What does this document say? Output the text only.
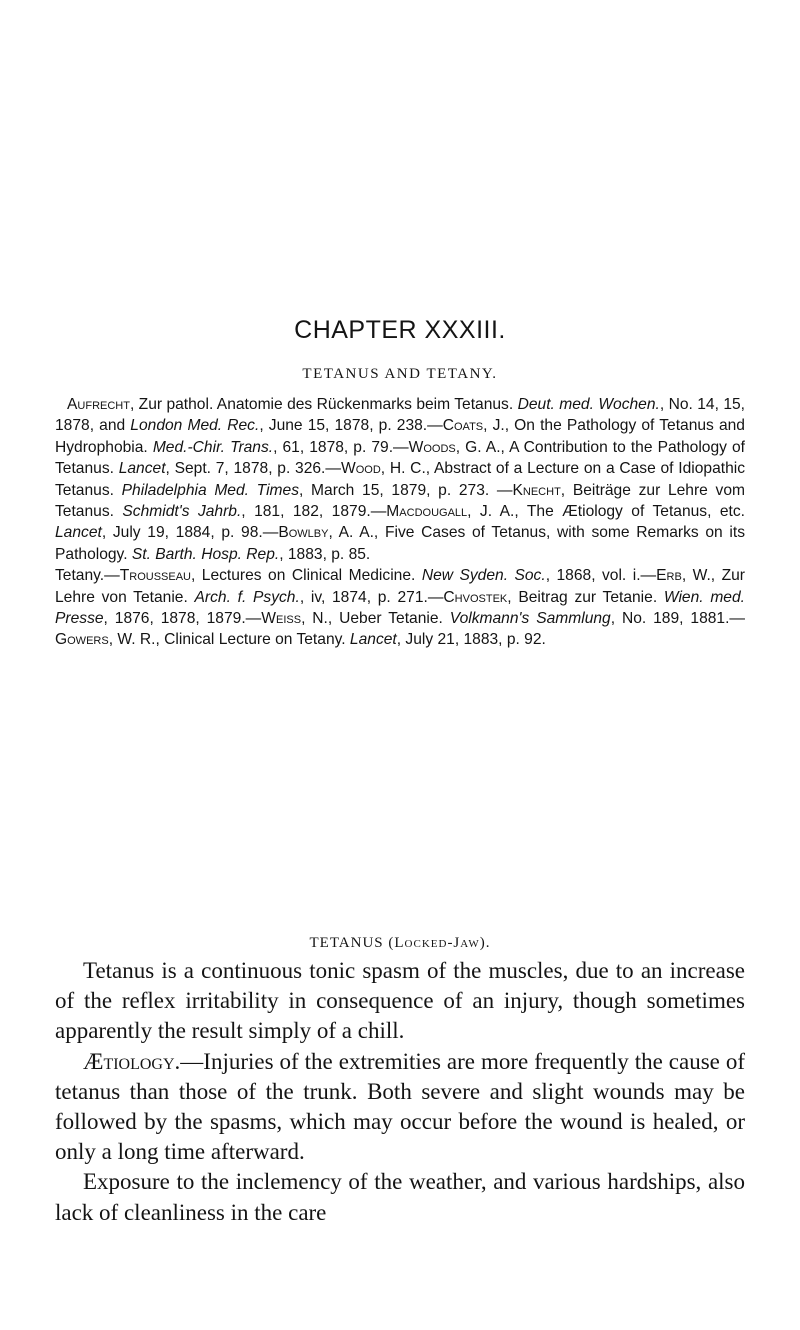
CHAPTER XXXIII.
TETANUS AND TETANY.

Aufrecht, Zur pathol. Anatomie des Rückenmarks beim Tetanus. Deut. med. Wochen., No. 14, 15, 1878, and London Med. Rec., June 15, 1878, p. 238.—Coats, J., On the Pathology of Tetanus and Hydrophobia. Med.-Chir. Trans., 61, 1878, p. 79.—Woods, G. A., A Contribution to the Pathology of Tetanus. Lancet, Sept. 7, 1878, p. 326.—Wood, H. C., Abstract of a Lecture on a Case of Idiopathic Tetanus. Philadelphia Med. Times, March 15, 1879, p. 273. —Knecht, Beiträge zur Lehre vom Tetanus. Schmidt's Jahrb., 181, 182, 1879.—Macdougall, J. A., The Ætiology of Tetanus, etc. Lancet, July 19, 1884, p. 98.—Bowlby, A. A., Five Cases of Tetanus, with some Remarks on its Pathology. St. Barth. Hosp. Rep., 1883, p. 85.

Tetany.—Trousseau, Lectures on Clinical Medicine. New Syden. Soc., 1868, vol. i.—Erb, W., Zur Lehre von Tetanie. Arch. f. Psych., iv, 1874, p. 271.—Chvostek, Beitrag zur Tetanie. Wien. med. Presse, 1876, 1878, 1879.—Weiss, N., Ueber Tetanie. Volkmann's Sammlung, No. 189, 1881.—Gowers, W. R., Clinical Lecture on Tetany. Lancet, July 21, 1883, p. 92.

TETANUS (Locked-Jaw).

Tetanus is a continuous tonic spasm of the muscles, due to an increase of the reflex irritability in consequence of an injury, though sometimes apparently the result simply of a chill.

Ætiology.—Injuries of the extremities are more frequently the cause of tetanus than those of the trunk. Both severe and slight wounds may be followed by the spasms, which may occur before the wound is healed, or only a long time afterward.

Exposure to the inclemency of the weather, and various hardships, also lack of cleanliness in the care
